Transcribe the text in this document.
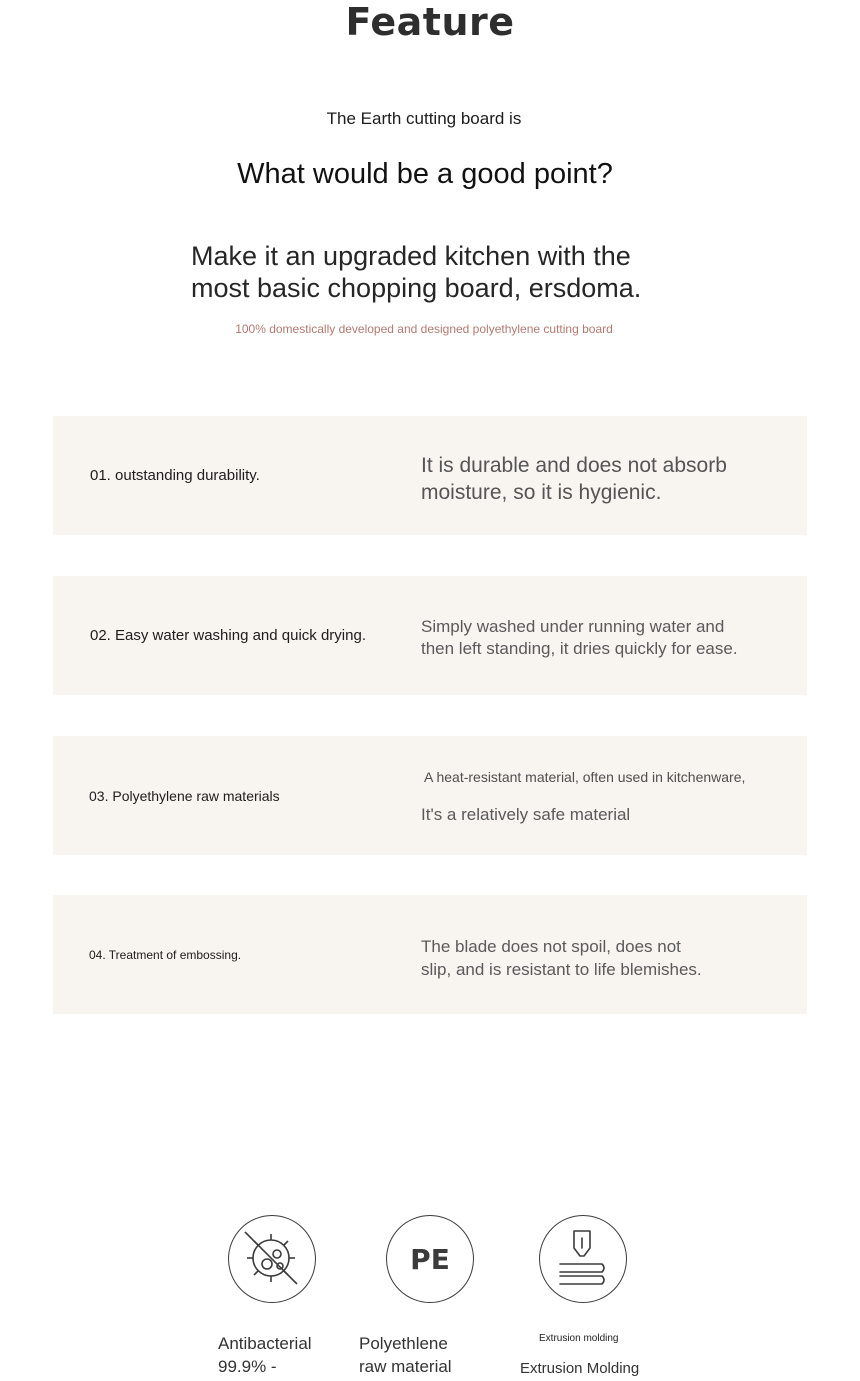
Feature
The Earth cutting board is
What would be a good point?
Make it an upgraded kitchen with the
most basic chopping board, ersdoma.
100% domestically developed and designed polyethylene cutting board
01. outstanding durability.	It is durable and does not absorb
moisture, so it is hygienic.
02. Easy water washing and quick drying.	Simply washed under running water and
then left standing, it dries quickly for ease.
03. Polyethylene raw materials
A heat-resistant material, often used in kitchenware,
It's a relatively safe material
04. Treatment of embossing.	The blade does not spoil, does not
slip, and is resistant to life blemishes.
Antibacterial
99.9% -
PE
Polyethlene
raw material
Extrusion molding
Extrusion Molding
